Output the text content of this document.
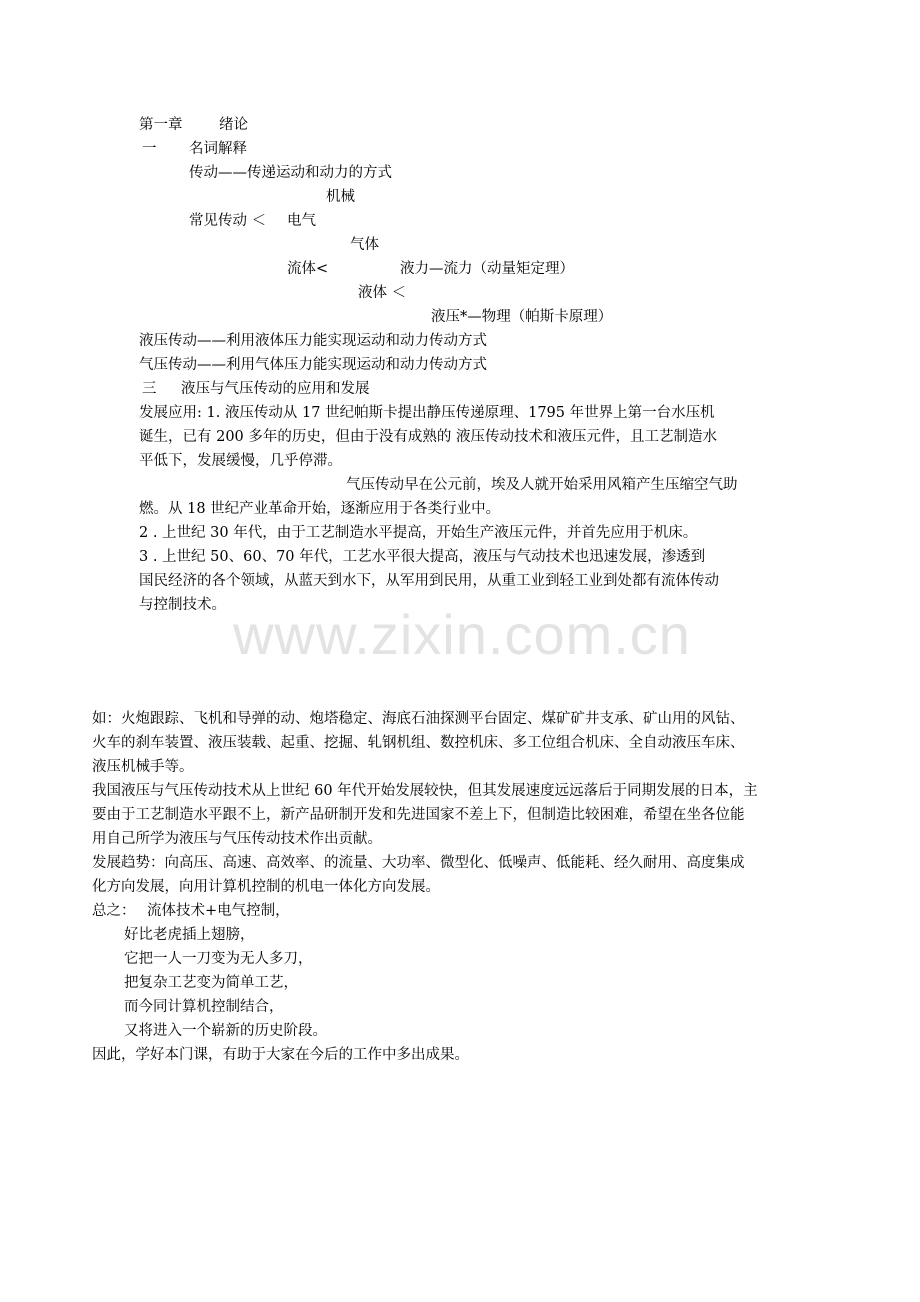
www.zixin.com.cn
第一章	绪论
一 名词解释
传动——传递运动和动力的方式
机械
常见传动 ＜ 电气
气体
流体<	液力—流力（动量矩定理）
液体 ＜
液压*—物理（帕斯卡原理）
液压传动——利用液体压力能实现运动和动力传动方式
气压传动——利用气体压力能实现运动和动力传动方式
三 液压与气压传动的应用和发展
发展应用: 1. 液压传动从 17 世纪帕斯卡提出静压传递原理、1795 年世界上第一台水压机
诞生，已有 200 多年的历史，但由于没有成熟的 液压传动技术和液压元件，且工艺制造水
平低下，发展缓慢，几乎停滞。
气压传动早在公元前，埃及人就开始采用风箱产生压缩空气助
燃。从 18 世纪产业革命开始，逐渐应用于各类行业中。
2 . 上世纪 30 年代，由于工艺制造水平提高，开始生产液压元件，并首先应用于机床。
3 . 上世纪 50、60、70 年代，工艺水平很大提高，液压与气动技术也迅速发展，渗透到
国民经济的各个领域，从蓝天到水下，从军用到民用，从重工业到轻工业到处都有流体传动
与控制技术。
如：火炮跟踪、飞机和导弹的动、炮塔稳定、海底石油探测平台固定、煤矿矿井支承、矿山用的风钻、
火车的刹车装置、液压装载、起重、挖掘、轧钢机组、数控机床、多工位组合机床、全自动液压车床、
液压机械手等。
我国液压与气压传动技术从上世纪 60 年代开始发展较快，但其发展速度远远落后于同期发展的日本，主
要由于工艺制造水平跟不上，新产品研制开发和先进国家不差上下，但制造比较困难，希望在坐各位能
用自己所学为液压与气压传动技术作出贡献。
发展趋势：向高压、高速、高效率、的流量、大功率、微型化、低噪声、低能耗、经久耐用、高度集成
化方向发展，向用计算机控制的机电一体化方向发展。
总之： 流体技术+电气控制，
好比老虎插上翅膀，
它把一人一刀变为无人多刀，
把复杂工艺变为简单工艺，
而今同计算机控制结合，
又将进入一个崭新的历史阶段。
因此，学好本门课，有助于大家在今后的工作中多出成果。
